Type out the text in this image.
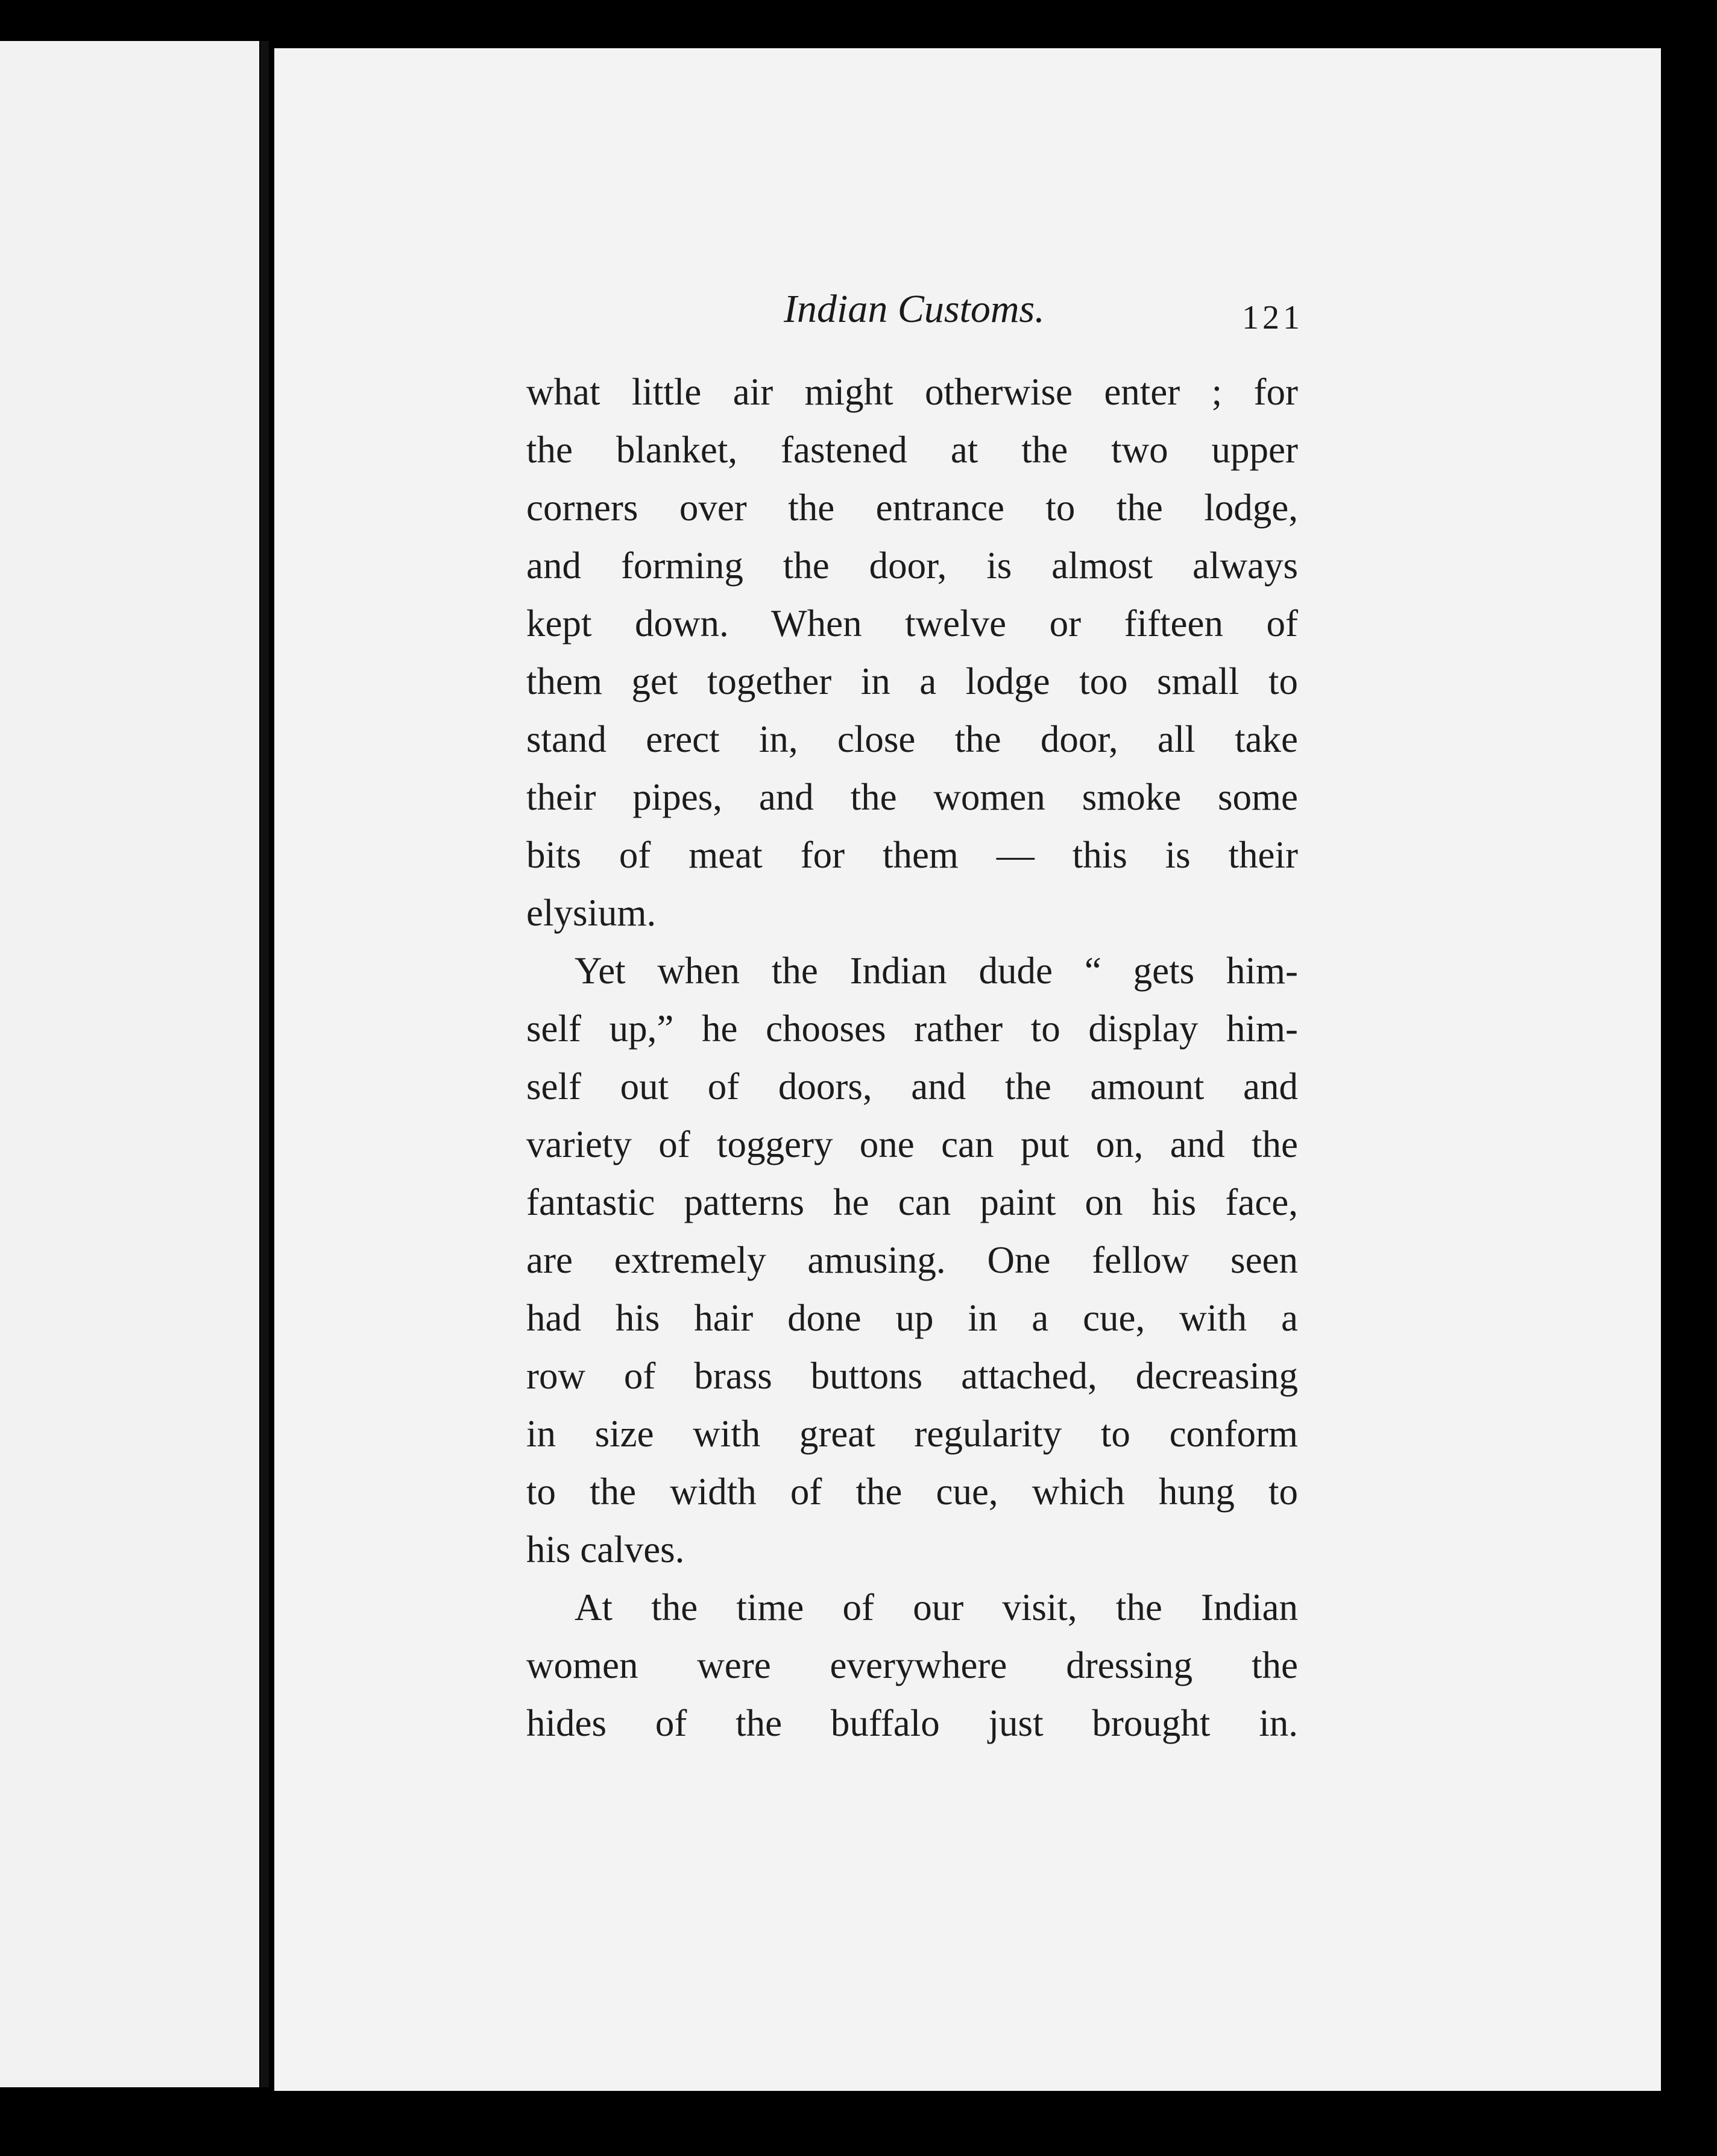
Indian Customs.	121
what little air might otherwise enter ; for
the blanket, fastened at the two upper
corners over the entrance to the lodge,
and forming the door, is almost always
kept down. When twelve or fifteen of
them get together in a lodge too small to
stand erect in, close the door, all take
their pipes, and the women smoke some
bits of meat for them — this is their
elysium.
Yet when the Indian dude “ gets him-
self up,” he chooses rather to display him-
self out of doors, and the amount and
variety of toggery one can put on, and the
fantastic patterns he can paint on his face,
are extremely amusing. One fellow seen
had his hair done up in a cue, with a
row of brass buttons attached, decreasing
in size with great regularity to conform
to the width of the cue, which hung to
his calves.
At the time of our visit, the Indian
women were everywhere dressing the
hides of the buffalo just brought in.
